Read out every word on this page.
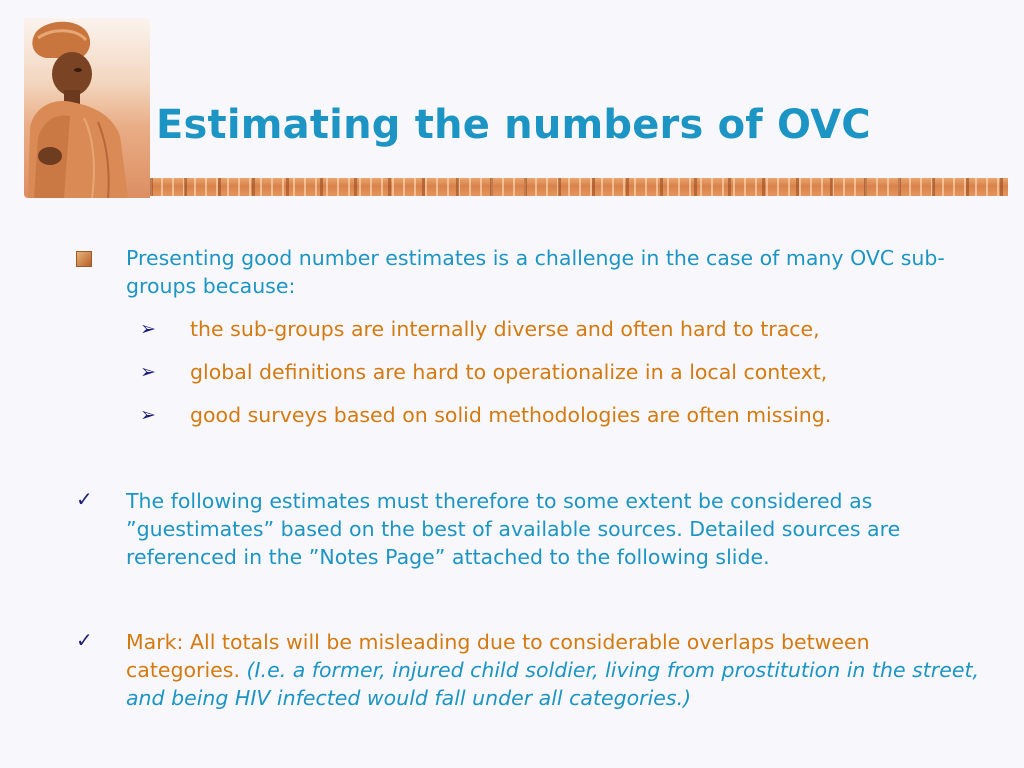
Estimating the numbers of OVC

Presenting good number estimates is a challenge in the case of many OVC sub-groups because:

➢ the sub-groups are internally diverse and often hard to trace,

➢ global definitions are hard to operationalize in a local context,

➢ good surveys based on solid methodologies are often missing.

✓ The following estimates must therefore to some extent be considered as ”guestimates” based on the best of available sources. Detailed sources are referenced in the ”Notes Page” attached to the following slide.

✓ Mark: All totals will be misleading due to considerable overlaps between categories. (I.e. a former, injured child soldier, living from prostitution in the street, and being HIV infected would fall under all categories.)
